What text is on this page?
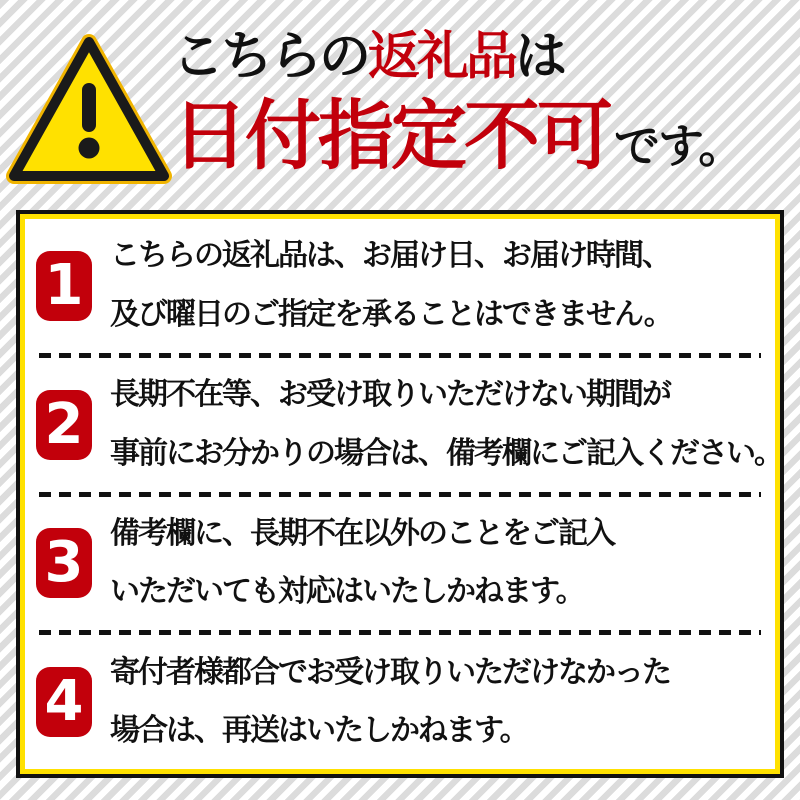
こちらの返礼品は
日付指定不可 です。
1 こちらの返礼品は、お届け日、お届け時間、
及び曜日のご指定を承ることはできません。
2 長期不在等、お受け取りいただけない期間が
事前にお分かりの場合は、備考欄にご記入ください。
3 備考欄に、長期不在以外のことをご記入
いただいても対応はいたしかねます。
4 寄付者様都合でお受け取りいただけなかった
場合は、再送はいたしかねます。
